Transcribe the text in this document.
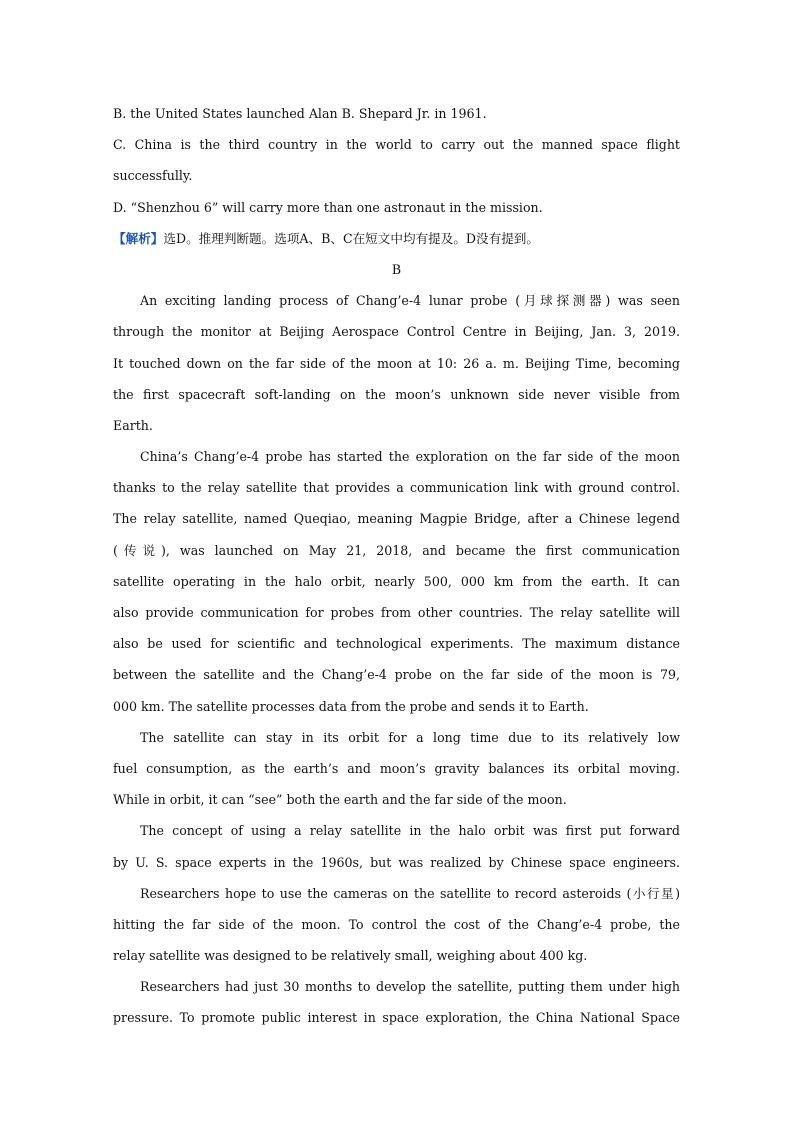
B. the United States launched Alan B. Shepard Jr. in 1961.
C. China is the third country in the world to carry out the manned space flight
successfully.
D. “Shenzhou 6” will carry more than one astronaut in the mission.
【解析】选D。推理判断题。选项A、B、C在短文中均有提及。D没有提到。
B
An exciting landing process of Chang’e-4 lunar probe (月球探测器) was seen
through the monitor at Beijing Aerospace Control Centre in Beijing, Jan. 3, 2019.
It touched down on the far side of the moon at 10: 26 a. m. Beijing Time, becoming
the first spacecraft soft-landing on the moon’s unknown side never visible from
Earth.
China’s Chang’e-4 probe has started the exploration on the far side of the moon
thanks to the relay satellite that provides a communication link with ground control.
The relay satellite, named Queqiao, meaning Magpie Bridge, after a Chinese legend
(传说), was launched on May 21, 2018, and became the first communication
satellite operating in the halo orbit, nearly 500, 000 km from the earth. It can
also provide communication for probes from other countries. The relay satellite will
also be used for scientific and technological experiments. The maximum distance
between the satellite and the Chang’e-4 probe on the far side of the moon is 79,
000 km. The satellite processes data from the probe and sends it to Earth.
The satellite can stay in its orbit for a long time due to its relatively low
fuel consumption, as the earth’s and moon’s gravity balances its orbital moving.
While in orbit, it can “see” both the earth and the far side of the moon.
The concept of using a relay satellite in the halo orbit was first put forward
by U. S. space experts in the 1960s, but was realized by Chinese space engineers.
Researchers hope to use the cameras on the satellite to record asteroids (小行星)
hitting the far side of the moon. To control the cost of the Chang’e-4 probe, the
relay satellite was designed to be relatively small, weighing about 400 kg.
Researchers had just 30 months to develop the satellite, putting them under high
pressure. To promote public interest in space exploration, the China National Space
